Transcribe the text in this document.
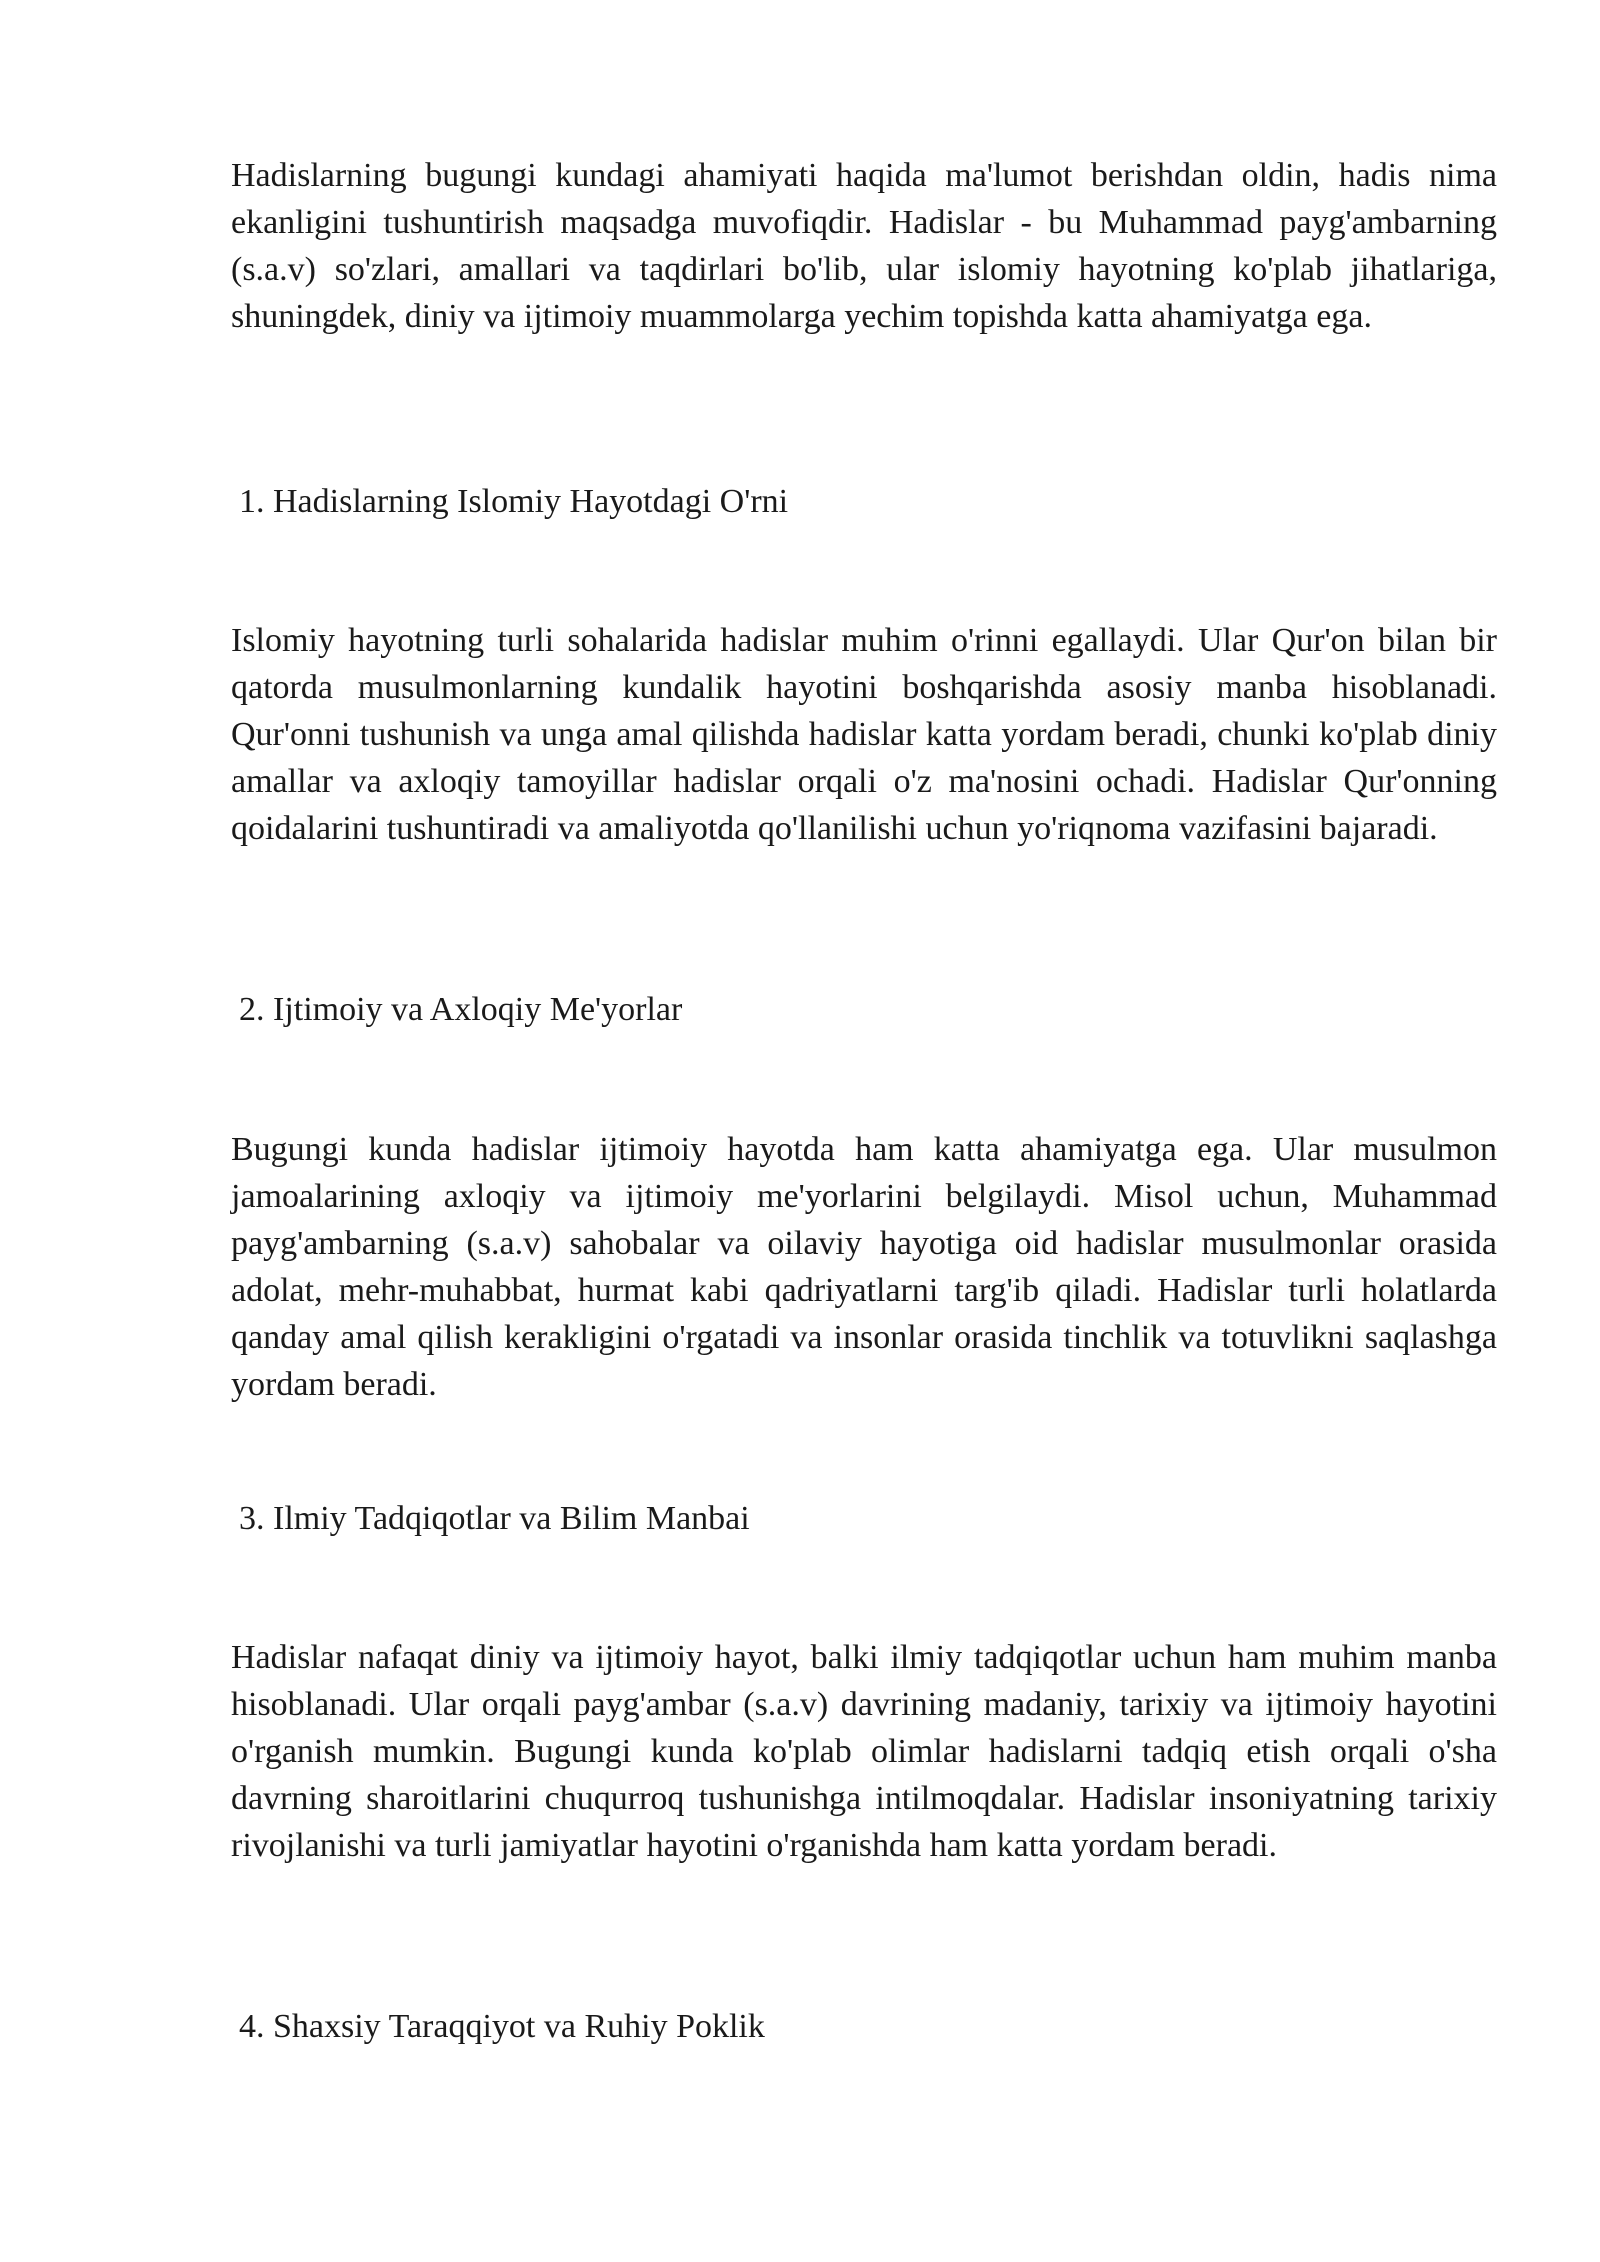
Hadislarning bugungi kundagi ahamiyati haqida ma'lumot berishdan oldin, hadis nima ekanligini tushuntirish maqsadga muvofiqdir. Hadislar - bu Muhammad payg'ambarning (s.a.v) so'zlari, amallari va taqdirlari bo'lib, ular islomiy hayotning ko'plab jihatlariga, shuningdek, diniy va ijtimoiy muammolarga yechim topishda katta ahamiyatga ega.

1. Hadislarning Islomiy Hayotdagi O'rni

Islomiy hayotning turli sohalarida hadislar muhim o'rinni egallaydi. Ular Qur'on bilan bir qatorda musulmonlarning kundalik hayotini boshqarishda asosiy manba hisoblanadi. Qur'onni tushunish va unga amal qilishda hadislar katta yordam beradi, chunki ko'plab diniy amallar va axloqiy tamoyillar hadislar orqali o'z ma'nosini ochadi. Hadislar Qur'onning qoidalarini tushuntiradi va amaliyotda qo'llanilishi uchun yo'riqnoma vazifasini bajaradi.

2. Ijtimoiy va Axloqiy Me'yorlar

Bugungi kunda hadislar ijtimoiy hayotda ham katta ahamiyatga ega. Ular musulmon jamoalarining axloqiy va ijtimoiy me'yorlarini belgilaydi. Misol uchun, Muhammad payg'ambarning (s.a.v) sahobalar va oilaviy hayotiga oid hadislar musulmonlar orasida adolat, mehr-muhabbat, hurmat kabi qadriyatlarni targ'ib qiladi. Hadislar turli holatlarda qanday amal qilish kerakligini o'rgatadi va insonlar orasida tinchlik va totuvlikni saqlashga yordam beradi.

3. Ilmiy Tadqiqotlar va Bilim Manbai

Hadislar nafaqat diniy va ijtimoiy hayot, balki ilmiy tadqiqotlar uchun ham muhim manba hisoblanadi. Ular orqali payg'ambar (s.a.v) davrining madaniy, tarixiy va ijtimoiy hayotini o'rganish mumkin. Bugungi kunda ko'plab olimlar hadislarni tadqiq etish orqali o'sha davrning sharoitlarini chuqurroq tushunishga intilmoqdalar. Hadislar insoniyatning tarixiy rivojlanishi va turli jamiyatlar hayotini o'rganishda ham katta yordam beradi.

4. Shaxsiy Taraqqiyot va Ruhiy Poklik
